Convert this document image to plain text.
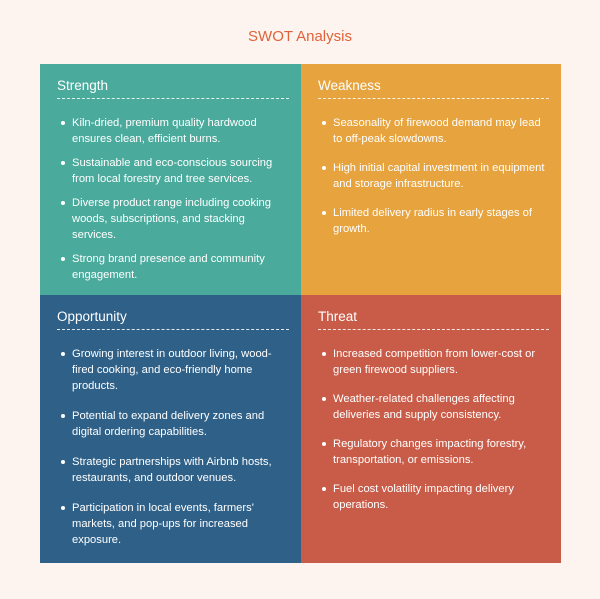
SWOT Analysis
Strength
Kiln-dried, premium quality hardwood ensures clean, efficient burns.
Sustainable and eco-conscious sourcing from local forestry and tree services.
Diverse product range including cooking woods, subscriptions, and stacking services.
Strong brand presence and community engagement.
Weakness
Seasonality of firewood demand may lead to off-peak slowdowns.
High initial capital investment in equipment and storage infrastructure.
Limited delivery radius in early stages of growth.
Opportunity
Growing interest in outdoor living, wood-fired cooking, and eco-friendly home products.
Potential to expand delivery zones and digital ordering capabilities.
Strategic partnerships with Airbnb hosts, restaurants, and outdoor venues.
Participation in local events, farmers' markets, and pop-ups for increased exposure.
Threat
Increased competition from lower-cost or green firewood suppliers.
Weather-related challenges affecting deliveries and supply consistency.
Regulatory changes impacting forestry, transportation, or emissions.
Fuel cost volatility impacting delivery operations.
